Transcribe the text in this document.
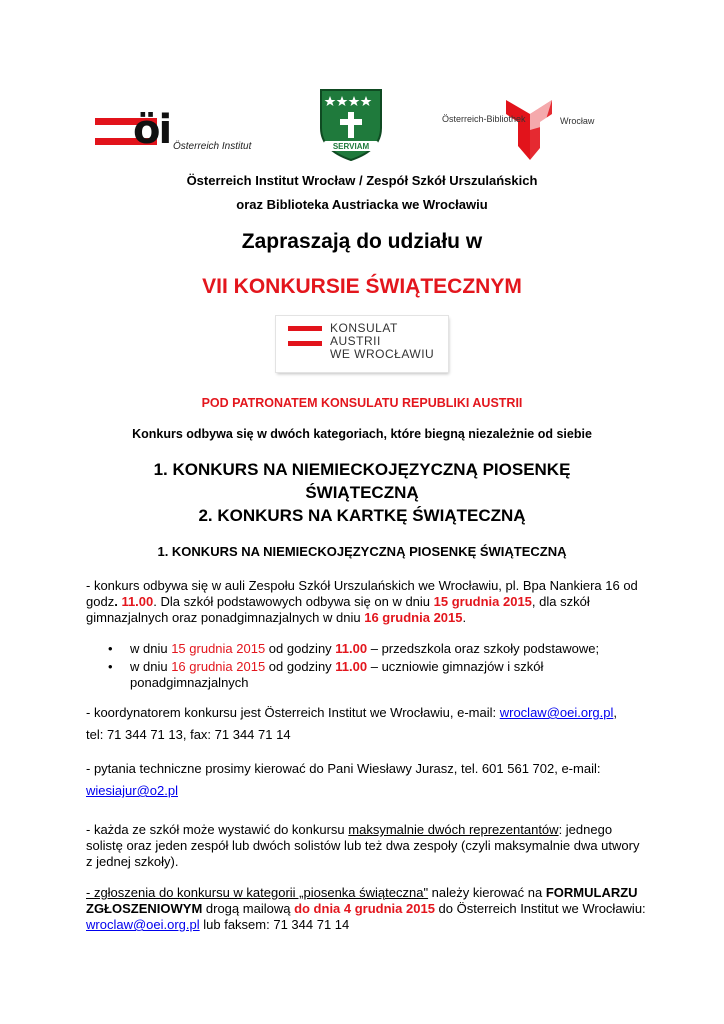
öi Österreich Institut	SERVIAM
Österreich-Bibliothek	Wrocław
Österreich Institut Wrocław / Zespół Szkół Urszulańskich
oraz Biblioteka Austriacka we Wrocławiu
Zapraszają do udziału w
VII KONKURSIE ŚWIĄTECZNYM
KONSULAT
AUSTRII
WE WROCŁAWIU
POD PATRONATEM KONSULATU REPUBLIKI AUSTRII
Konkurs odbywa się w dwóch kategoriach, które biegną niezależnie od siebie
1. KONKURS NA NIEMIECKOJĘZYCZNĄ PIOSENKĘ
ŚWIĄTECZNĄ
2. KONKURS NA KARTKĘ ŚWIĄTECZNĄ
1. KONKURS NA NIEMIECKOJĘZYCZNĄ PIOSENKĘ ŚWIĄTECZNĄ
- konkurs odbywa się w auli Zespołu Szkół Urszulańskich we Wrocławiu, pl. Bpa Nankiera 16 od godz. 11.00. Dla szkół podstawowych odbywa się on w dniu 15 grudnia 2015, dla szkół gimnazjalnych oraz ponadgimnazjalnych w dniu 16 grudnia 2015.
• w dniu 15 grudnia 2015 od godziny 11.00 – przedszkola oraz szkoły podstawowe;
• w dniu 16 grudnia 2015 od godziny 11.00 – uczniowie gimnazjów i szkół ponadgimnazjalnych
- koordynatorem konkursu jest Österreich Institut we Wrocławiu, e-mail: wroclaw@oei.org.pl,
tel: 71 344 71 13, fax: 71 344 71 14
- pytania techniczne prosimy kierować do Pani Wiesławy Jurasz, tel. 601 561 702, e-mail:
wiesiajur@o2.pl
- każda ze szkół może wystawić do konkursu maksymalnie dwóch reprezentantów: jednego solistę oraz jeden zespół lub dwóch solistów lub też dwa zespoły (czyli maksymalnie dwa utwory z jednej szkoły).
- zgłoszenia do konkursu w kategorii „piosenka świąteczna" należy kierować na FORMULARZU ZGŁOSZENIOWYM drogą mailową do dnia 4 grudnia 2015 do Österreich Institut we Wrocławiu: wroclaw@oei.org.pl lub faksem: 71 344 71 14
